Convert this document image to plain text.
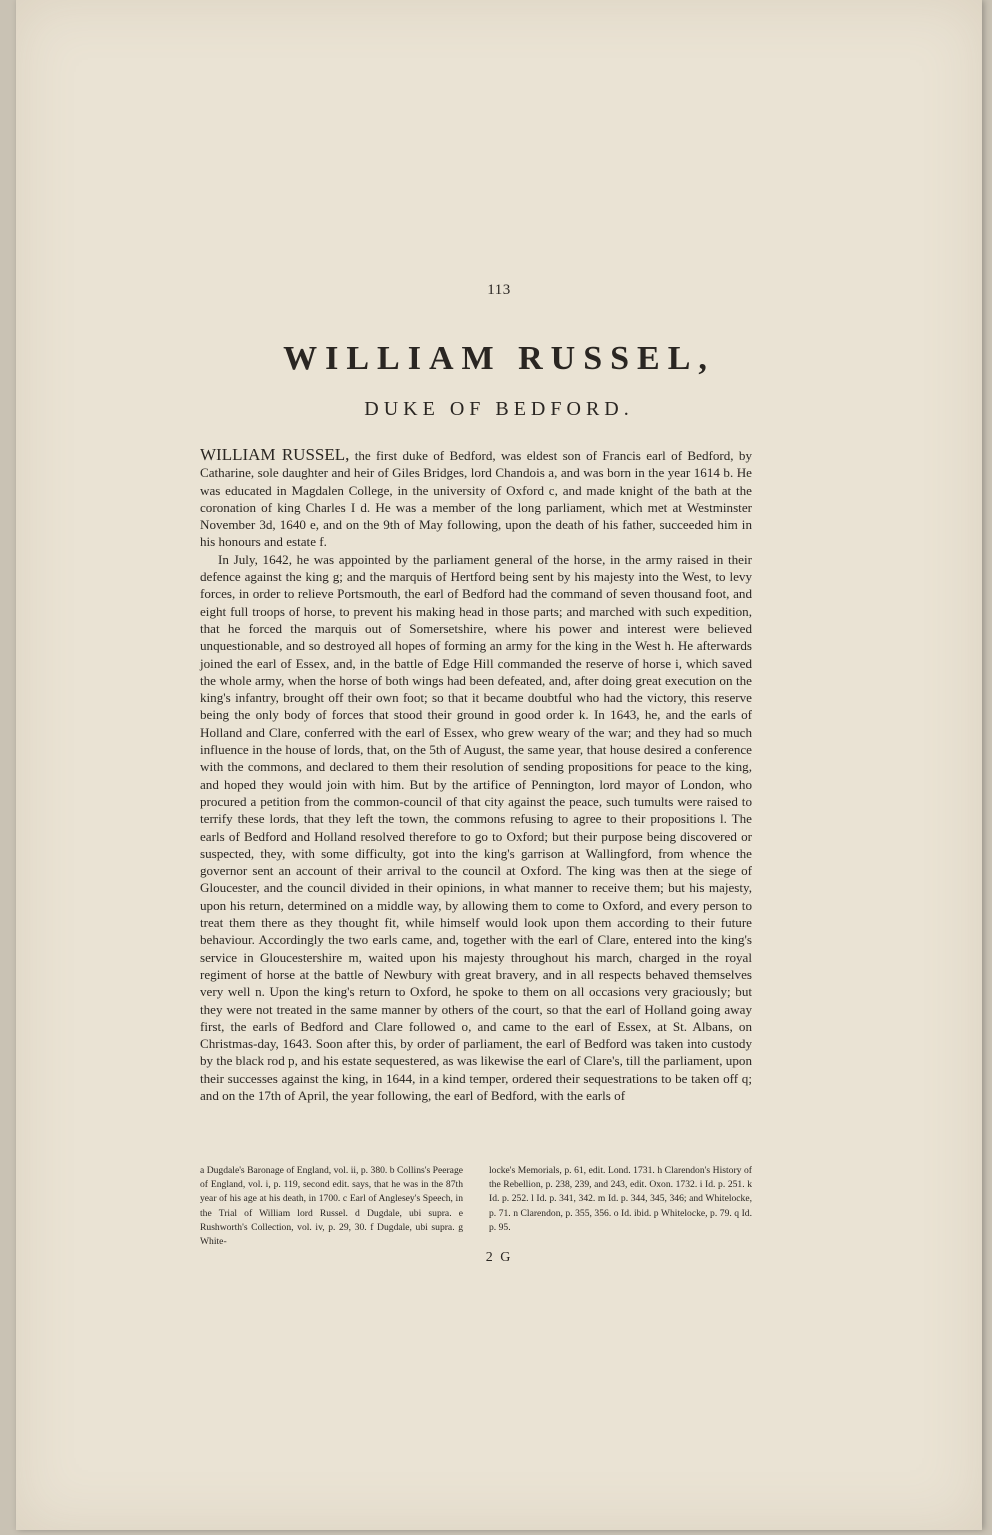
113
WILLIAM RUSSEL,
DUKE OF BEDFORD.

WILLIAM RUSSEL, the first duke of Bedford, was eldest son of Francis earl of Bedford, by Catharine, sole daughter and heir of Giles Bridges, lord Chandois a, and was born in the year 1614 b. He was educated in Magdalen College, in the university of Oxford c, and made knight of the bath at the coronation of king Charles I d. He was a member of the long parliament, which met at Westminster November 3d, 1640 e, and on the 9th of May following, upon the death of his father, succeeded him in his honours and estate f.

In July, 1642, he was appointed by the parliament general of the horse, in the army raised in their defence against the king g; and the marquis of Hertford being sent by his majesty into the West, to levy forces, in order to relieve Portsmouth, the earl of Bedford had the command of seven thousand foot, and eight full troops of horse, to prevent his making head in those parts; and marched with such expedition, that he forced the marquis out of Somersetshire, where his power and interest were believed unquestionable, and so destroyed all hopes of forming an army for the king in the West h. He afterwards joined the earl of Essex, and, in the battle of Edge Hill commanded the reserve of horse i, which saved the whole army, when the horse of both wings had been defeated, and, after doing great execution on the king's infantry, brought off their own foot; so that it became doubtful who had the victory, this reserve being the only body of forces that stood their ground in good order k. In 1643, he, and the earls of Holland and Clare, conferred with the earl of Essex, who grew weary of the war; and they had so much influence in the house of lords, that, on the 5th of August, the same year, that house desired a conference with the commons, and declared to them their resolution of sending propositions for peace to the king, and hoped they would join with him. But by the artifice of Pennington, lord mayor of London, who procured a petition from the common-council of that city against the peace, such tumults were raised to terrify these lords, that they left the town, the commons refusing to agree to their propositions l. The earls of Bedford and Holland resolved therefore to go to Oxford; but their purpose being discovered or suspected, they, with some difficulty, got into the king's garrison at Wallingford, from whence the governor sent an account of their arrival to the council at Oxford. The king was then at the siege of Gloucester, and the council divided in their opinions, in what manner to receive them; but his majesty, upon his return, determined on a middle way, by allowing them to come to Oxford, and every person to treat them there as they thought fit, while himself would look upon them according to their future behaviour. Accordingly the two earls came, and, together with the earl of Clare, entered into the king's service in Gloucestershire m, waited upon his majesty throughout his march, charged in the royal regiment of horse at the battle of Newbury with great bravery, and in all respects behaved themselves very well n. Upon the king's return to Oxford, he spoke to them on all occasions very graciously; but they were not treated in the same manner by others of the court, so that the earl of Holland going away first, the earls of Bedford and Clare followed o, and came to the earl of Essex, at St. Albans, on Christmas-day, 1643. Soon after this, by order of parliament, the earl of Bedford was taken into custody by the black rod p, and his estate sequestered, as was likewise the earl of Clare's, till the parliament, upon their successes against the king, in 1644, in a kind temper, ordered their sequestrations to be taken off q; and on the 17th of April, the year following, the earl of Bedford, with the earls of

a Dugdale's Baronage of England, vol. ii, p. 380. b Collins's Peerage of England, vol. i, p. 119, second edit. says, that he was in the 87th year of his age at his death, in 1700. c Earl of Anglesey's Speech, in the Trial of William lord Russel. d Dugdale, ubi supra. e Rushworth's Collection, vol. iv, p. 29, 30. f Dugdale, ubi supra. g White-
locke's Memorials, p. 61, edit. Lond. 1731. h Clarendon's History of the Rebellion, p. 238, 239, and 243, edit. Oxon. 1732. i Id. p. 251. k Id. p. 252. l Id. p. 341, 342. m Id. p. 344, 345, 346; and Whitelocke, p. 71. n Clarendon, p. 355, 356. o Id. ibid. p Whitelocke, p. 79. q Id. p. 95.
2 G
